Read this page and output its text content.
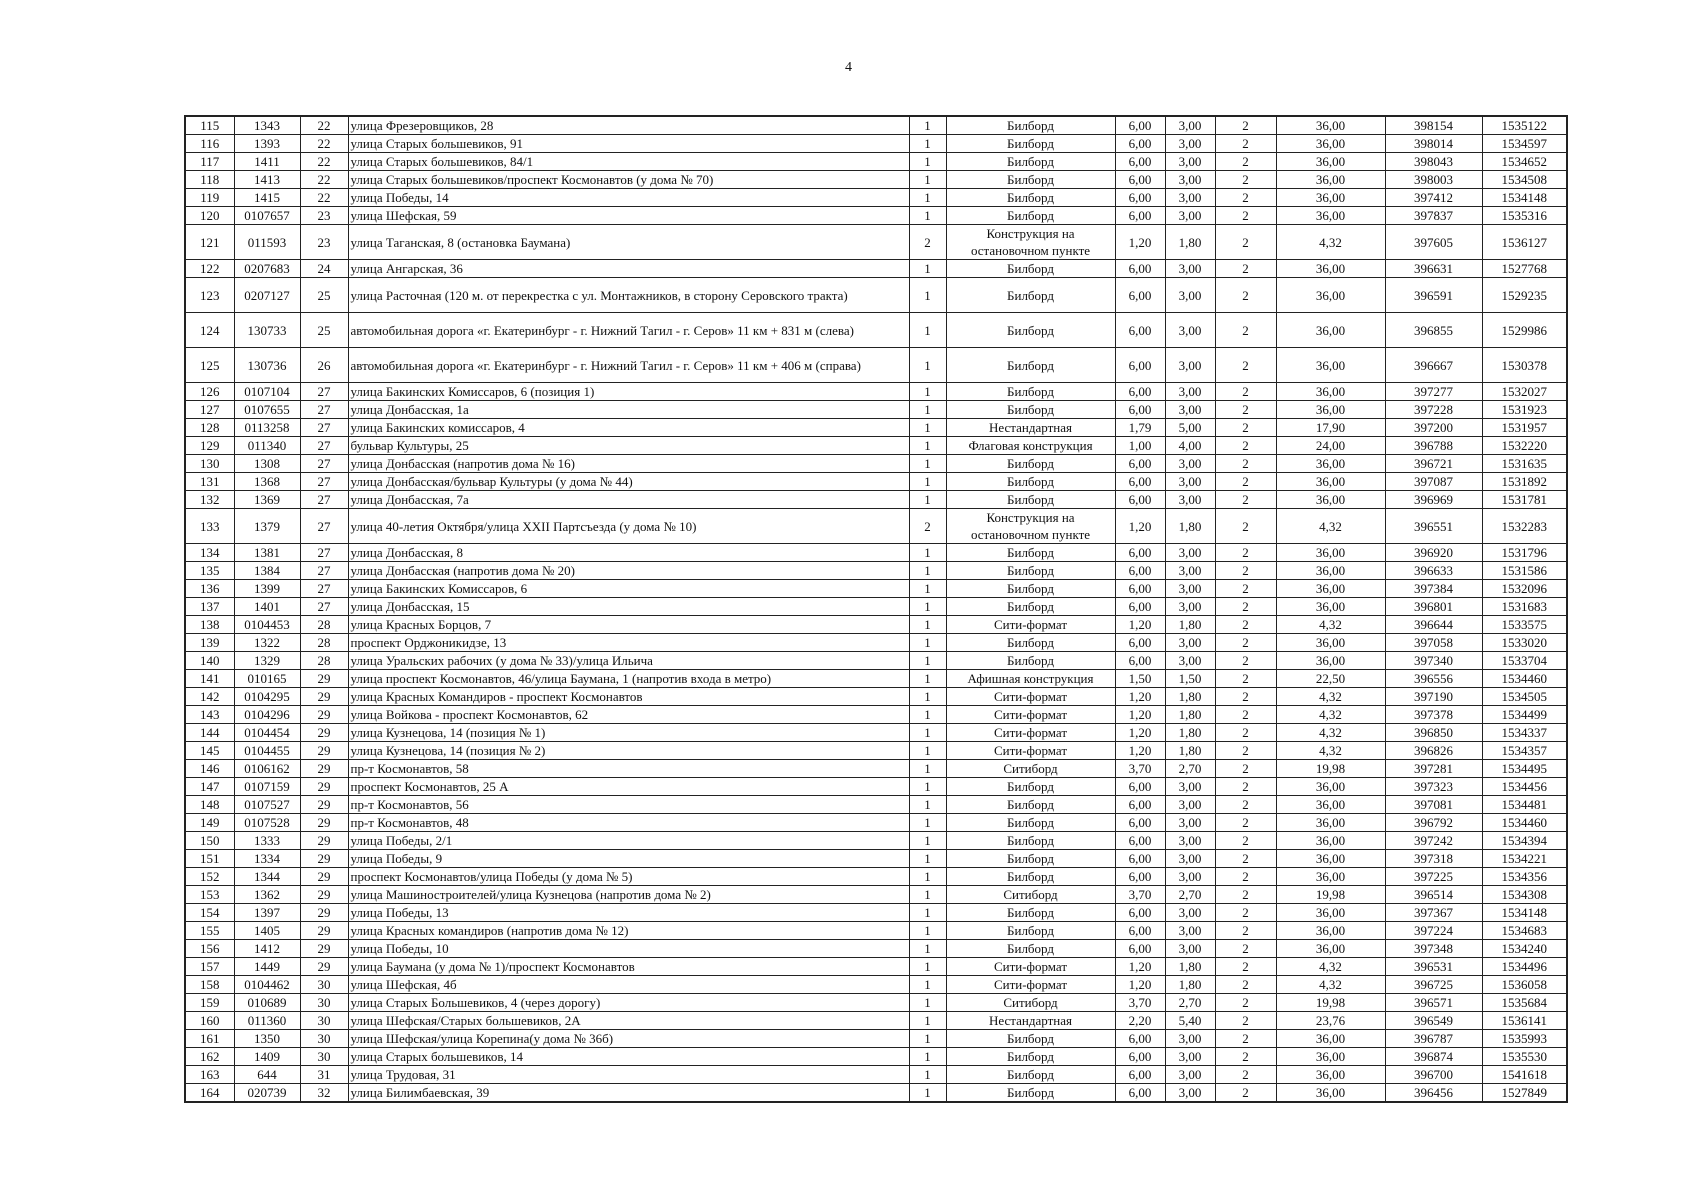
4
115	1343	22	улица Фрезеровщиков, 28	1	Билборд	6,00	3,00	2	36,00	398154	1535122
116	1393	22	улица Старых большевиков, 91	1	Билборд	6,00	3,00	2	36,00	398014	1534597
117	1411	22	улица Старых большевиков, 84/1	1	Билборд	6,00	3,00	2	36,00	398043	1534652
118	1413	22	улица Старых большевиков/проспект Космонавтов (у дома № 70)	1	Билборд	6,00	3,00	2	36,00	398003	1534508
119	1415	22	улица Победы, 14	1	Билборд	6,00	3,00	2	36,00	397412	1534148
120	0107657	23	улица Шефская, 59	1	Билборд	6,00	3,00	2	36,00	397837	1535316
121	011593	23	улица Таганская, 8 (остановка Баумана)	2	Конструкция на остановочном пункте	1,20	1,80	2	4,32	397605	1536127
122	0207683	24	улица Ангарская, 36	1	Билборд	6,00	3,00	2	36,00	396631	1527768
123	0207127	25	улица Расточная (120 м. от перекрестка с ул. Монтажников, в сторону Серовского тракта)	1	Билборд	6,00	3,00	2	36,00	396591	1529235
124	130733	25	автомобильная дорога «г. Екатеринбург - г. Нижний Тагил - г. Серов» 11 км + 831 м (слева)	1	Билборд	6,00	3,00	2	36,00	396855	1529986
125	130736	26	автомобильная дорога «г. Екатеринбург - г. Нижний Тагил - г. Серов» 11 км + 406 м (справа)	1	Билборд	6,00	3,00	2	36,00	396667	1530378
126	0107104	27	улица Бакинских Комиссаров, 6 (позиция 1)	1	Билборд	6,00	3,00	2	36,00	397277	1532027
127	0107655	27	улица Донбасская, 1а	1	Билборд	6,00	3,00	2	36,00	397228	1531923
128	0113258	27	улица Бакинских комиссаров, 4	1	Нестандартная	1,79	5,00	2	17,90	397200	1531957
129	011340	27	бульвар Культуры, 25	1	Флаговая конструкция	1,00	4,00	2	24,00	396788	1532220
130	1308	27	улица Донбасская (напротив дома № 16)	1	Билборд	6,00	3,00	2	36,00	396721	1531635
131	1368	27	улица Донбасская/бульвар Культуры (у дома № 44)	1	Билборд	6,00	3,00	2	36,00	397087	1531892
132	1369	27	улица Донбасская, 7а	1	Билборд	6,00	3,00	2	36,00	396969	1531781
133	1379	27	улица 40-летия Октября/улица XXII Партсъезда (у дома № 10)	2	Конструкция на остановочном пункте	1,20	1,80	2	4,32	396551	1532283
134	1381	27	улица Донбасская, 8	1	Билборд	6,00	3,00	2	36,00	396920	1531796
135	1384	27	улица Донбасская (напротив дома № 20)	1	Билборд	6,00	3,00	2	36,00	396633	1531586
136	1399	27	улица Бакинских Комиссаров, 6	1	Билборд	6,00	3,00	2	36,00	397384	1532096
137	1401	27	улица Донбасская, 15	1	Билборд	6,00	3,00	2	36,00	396801	1531683
138	0104453	28	улица Красных Борцов, 7	1	Сити-формат	1,20	1,80	2	4,32	396644	1533575
139	1322	28	проспект Орджоникидзе, 13	1	Билборд	6,00	3,00	2	36,00	397058	1533020
140	1329	28	улица Уральских рабочих (у дома № 33)/улица Ильича	1	Билборд	6,00	3,00	2	36,00	397340	1533704
141	010165	29	улица проспект Космонавтов, 46/улица Баумана, 1 (напротив входа в метро)	1	Афишная конструкция	1,50	1,50	2	22,50	396556	1534460
142	0104295	29	улица Красных Командиров - проспект Космонавтов	1	Сити-формат	1,20	1,80	2	4,32	397190	1534505
143	0104296	29	улица Войкова - проспект Космонавтов, 62	1	Сити-формат	1,20	1,80	2	4,32	397378	1534499
144	0104454	29	улица Кузнецова, 14 (позиция № 1)	1	Сити-формат	1,20	1,80	2	4,32	396850	1534337
145	0104455	29	улица Кузнецова, 14 (позиция № 2)	1	Сити-формат	1,20	1,80	2	4,32	396826	1534357
146	0106162	29	пр-т Космонавтов, 58	1	Ситиборд	3,70	2,70	2	19,98	397281	1534495
147	0107159	29	проспект Космонавтов, 25 А	1	Билборд	6,00	3,00	2	36,00	397323	1534456
148	0107527	29	пр-т Космонавтов, 56	1	Билборд	6,00	3,00	2	36,00	397081	1534481
149	0107528	29	пр-т Космонавтов, 48	1	Билборд	6,00	3,00	2	36,00	396792	1534460
150	1333	29	улица Победы, 2/1	1	Билборд	6,00	3,00	2	36,00	397242	1534394
151	1334	29	улица Победы, 9	1	Билборд	6,00	3,00	2	36,00	397318	1534221
152	1344	29	проспект Космонавтов/улица Победы (у дома № 5)	1	Билборд	6,00	3,00	2	36,00	397225	1534356
153	1362	29	улица Машиностроителей/улица Кузнецова (напротив дома № 2)	1	Ситиборд	3,70	2,70	2	19,98	396514	1534308
154	1397	29	улица Победы, 13	1	Билборд	6,00	3,00	2	36,00	397367	1534148
155	1405	29	улица Красных командиров (напротив дома № 12)	1	Билборд	6,00	3,00	2	36,00	397224	1534683
156	1412	29	улица Победы, 10	1	Билборд	6,00	3,00	2	36,00	397348	1534240
157	1449	29	улица Баумана (у дома № 1)/проспект Космонавтов	1	Сити-формат	1,20	1,80	2	4,32	396531	1534496
158	0104462	30	улица Шефская, 4б	1	Сити-формат	1,20	1,80	2	4,32	396725	1536058
159	010689	30	улица Старых Большевиков, 4 (через дорогу)	1	Ситиборд	3,70	2,70	2	19,98	396571	1535684
160	011360	30	улица Шефская/Старых большевиков, 2А	1	Нестандартная	2,20	5,40	2	23,76	396549	1536141
161	1350	30	улица Шефская/улица Корепина(у дома № 36б)	1	Билборд	6,00	3,00	2	36,00	396787	1535993
162	1409	30	улица Старых большевиков, 14	1	Билборд	6,00	3,00	2	36,00	396874	1535530
163	644	31	улица Трудовая, 31	1	Билборд	6,00	3,00	2	36,00	396700	1541618
164	020739	32	улица Билимбаевская, 39	1	Билборд	6,00	3,00	2	36,00	396456	1527849
